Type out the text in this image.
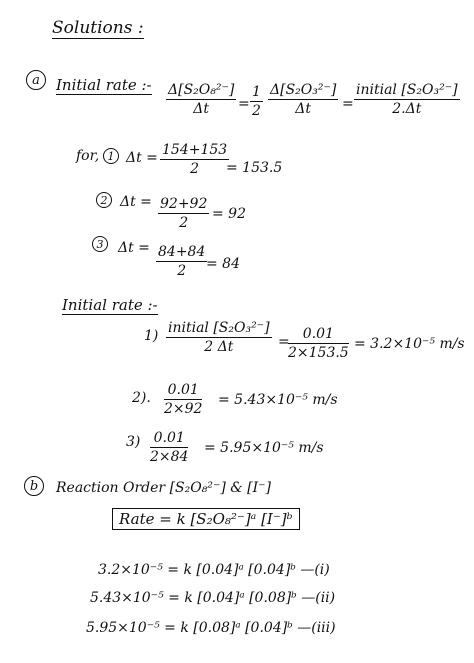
Solutions :
a	Initial rate :- $\frac{\text{Δ[S₂O₈²⁻]}}{\Delta t} = \frac{1}{2} \frac{\text{Δ[S₂O₃²⁻]}}{\Delta t}$ =
initial [S₂O₃²⁻]
2.Δt
for, 1 $\Delta t = \frac{154+153}{2}$
= 153.5
2 $\Delta t = \frac{92+92}{2} = 92$
3	$\Delta t = \frac{84+84}{2}$
= 84
Initial rate :-
1) initial [S₂O₃²⁻]
2 Δt	=
$\frac{0.01}{2\times 153.5} = 3.2\times 10^{-5}$ m/s
2). $\frac{0.01}{2\times 92} = 5.43\times 10^{-5}$ m/s
$3) \frac{0.01}{2\times 84} = 5.95\times 10^{-5}$ m/s
b	Reaction Order [S₂O₈²⁻] & [I⁻]
Rate = k [S₂O₈²⁻]ᵃ [I⁻]ᵇ
3.2×10⁻⁵ = k [0.04]ᵃ [0.04]ᵇ —(i)
5.43×10⁻⁵ = k [0.04]ᵃ [0.08]ᵇ —(ii)
5.95×10⁻⁵ = k [0.08]ᵃ [0.04]ᵇ —(iii)
